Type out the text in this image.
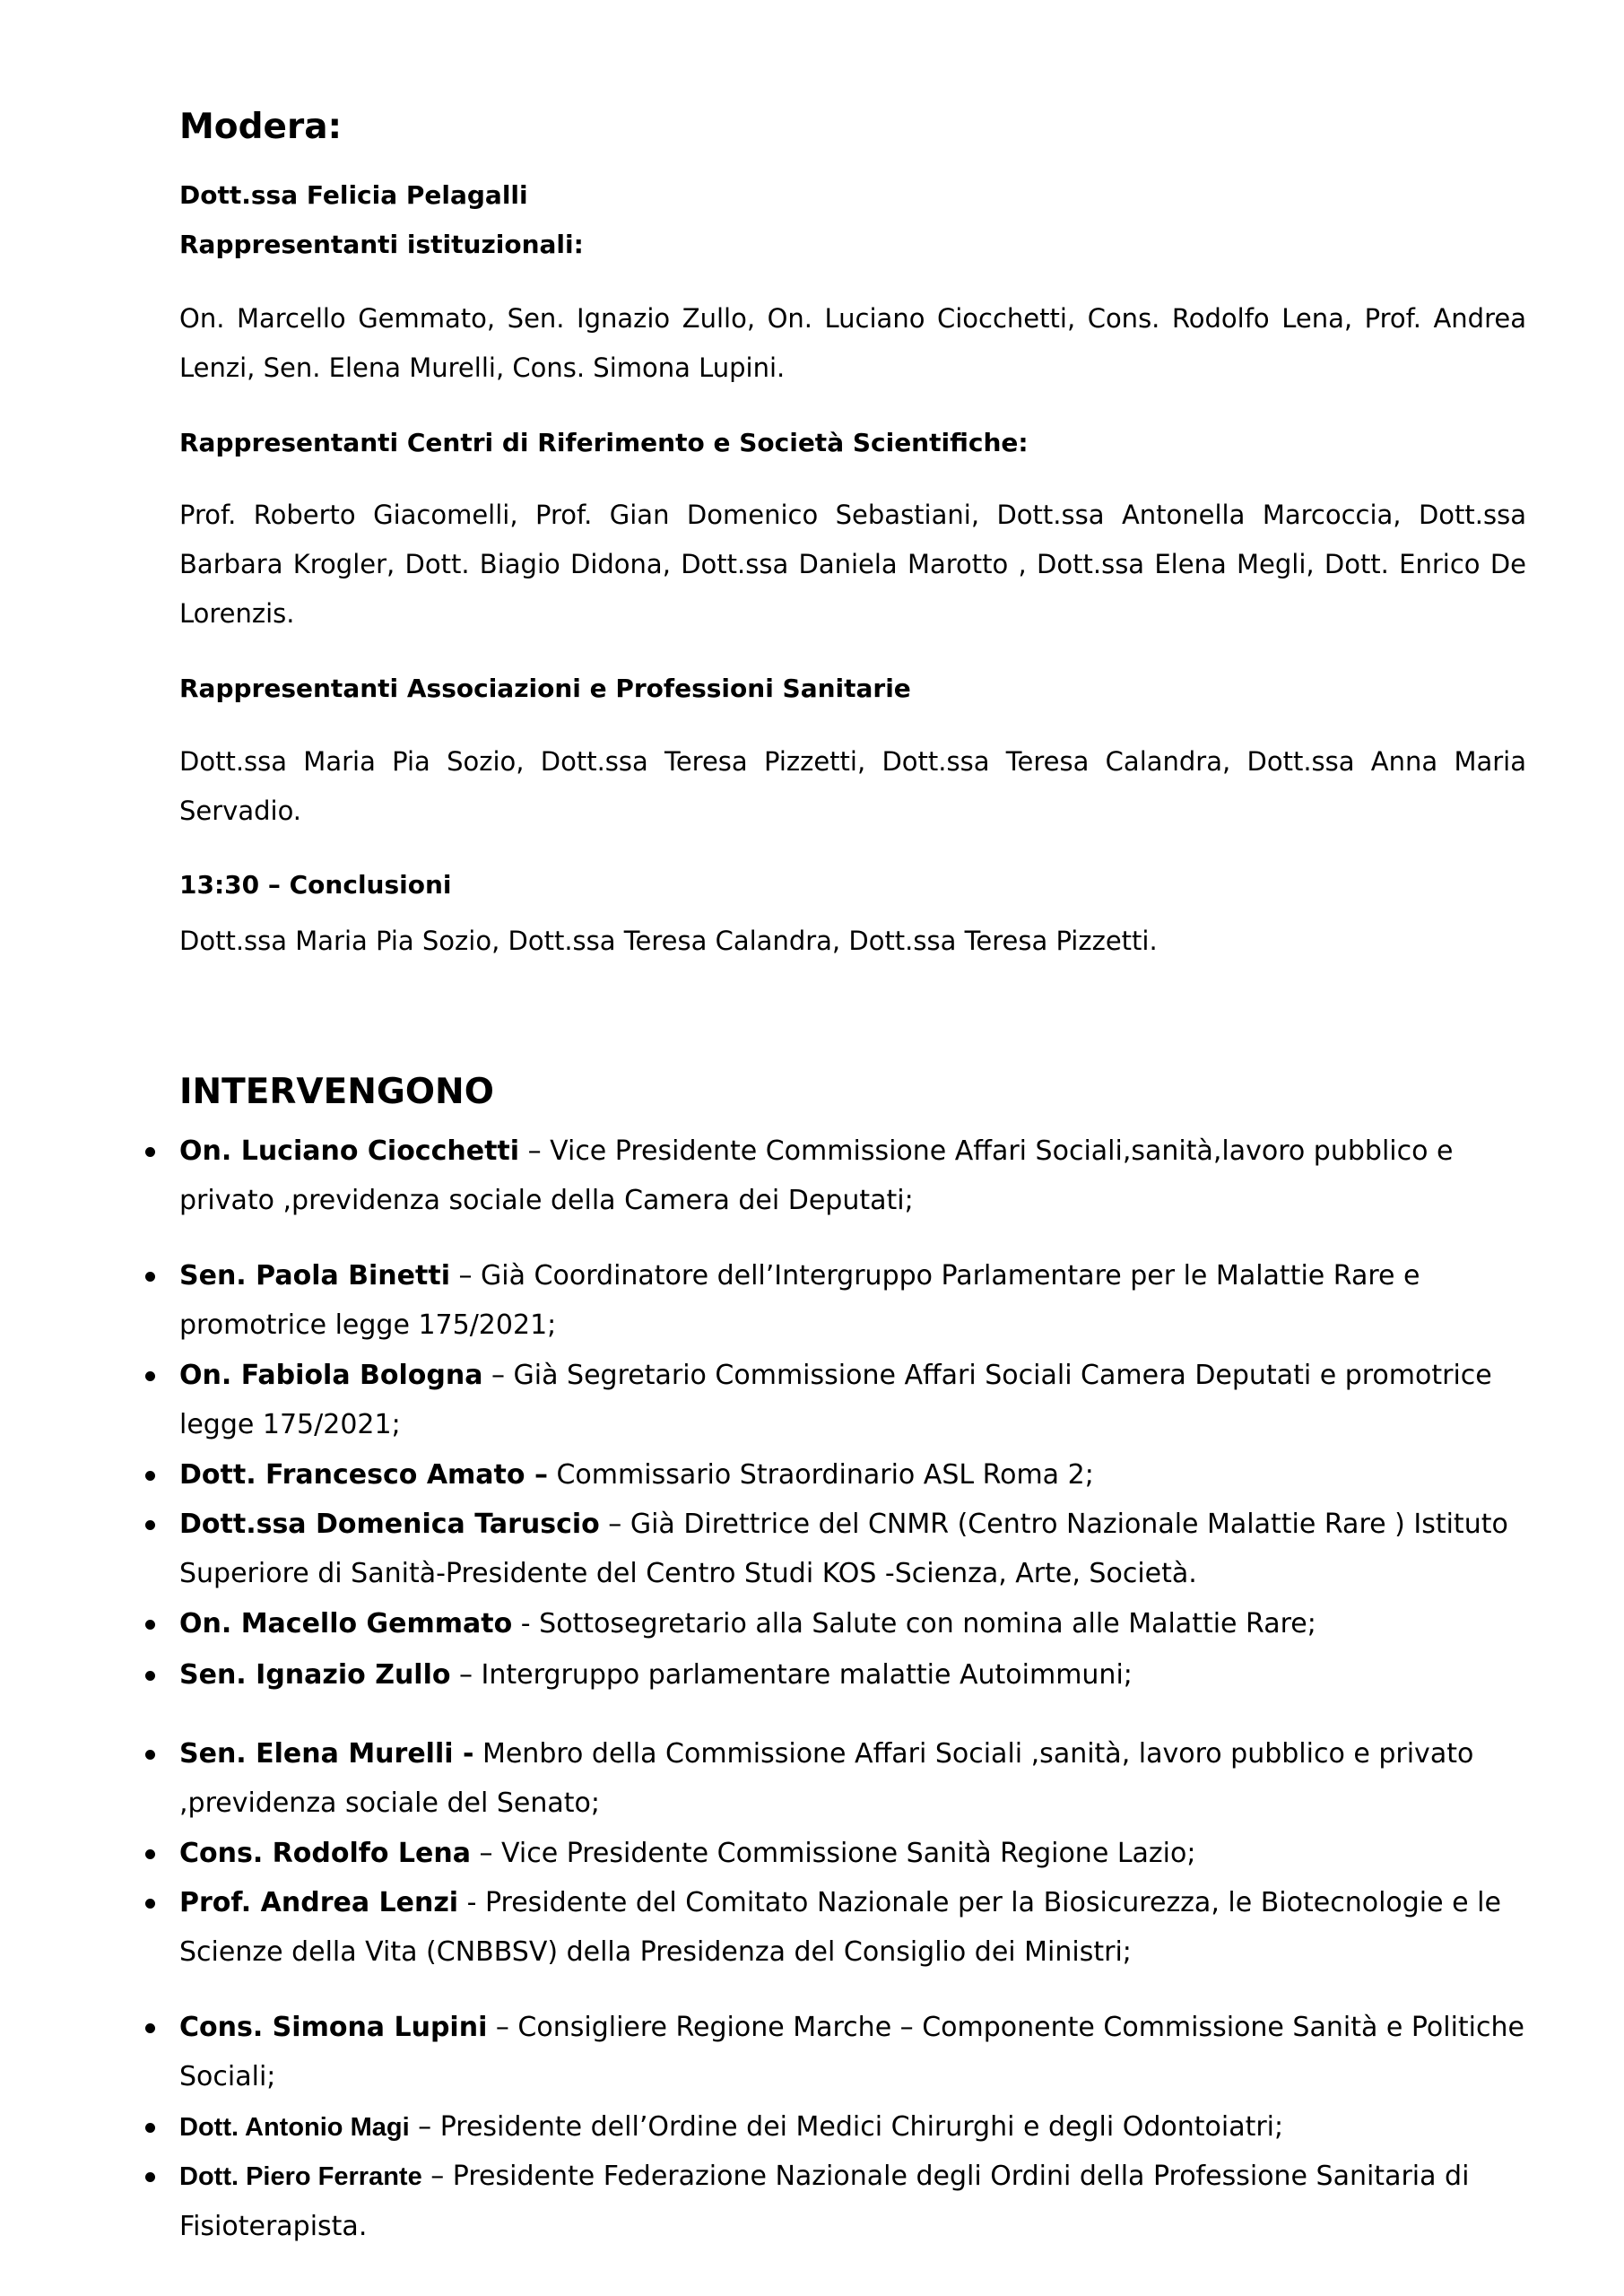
Modera:
Dott.ssa Felicia Pelagalli
Rappresentanti istituzionali:
On. Marcello Gemmato, Sen. Ignazio Zullo, On. Luciano Ciocchetti, Cons. Rodolfo Lena, Prof. Andrea Lenzi, Sen. Elena Murelli, Cons. Simona Lupini.
Rappresentanti Centri di Riferimento e Società Scientifiche:
Prof. Roberto Giacomelli, Prof. Gian Domenico Sebastiani, Dott.ssa Antonella Marcoccia, Dott.ssa Barbara Krogler, Dott. Biagio Didona, Dott.ssa Daniela Marotto , Dott.ssa Elena Megli, Dott. Enrico De Lorenzis.
Rappresentanti Associazioni e Professioni Sanitarie
Dott.ssa Maria Pia Sozio, Dott.ssa Teresa Pizzetti, Dott.ssa Teresa Calandra, Dott.ssa Anna Maria Servadio.
13:30 – Conclusioni
Dott.ssa Maria Pia Sozio, Dott.ssa Teresa Calandra, Dott.ssa Teresa Pizzetti.
INTERVENGONO
On. Luciano Ciocchetti – Vice Presidente Commissione Affari Sociali,sanità,lavoro pubblico e privato ,previdenza sociale della Camera dei Deputati;
Sen. Paola Binetti – Già Coordinatore dell’Intergruppo Parlamentare per le Malattie Rare e promotrice legge 175/2021;
On. Fabiola Bologna – Già Segretario Commissione Affari Sociali Camera Deputati e promotrice legge 175/2021;
Dott. Francesco Amato – Commissario Straordinario ASL Roma 2;
Dott.ssa Domenica Taruscio – Già Direttrice del CNMR (Centro Nazionale Malattie Rare ) Istituto Superiore di Sanità-Presidente del Centro Studi KOS -Scienza, Arte, Società.
On. Macello Gemmato - Sottosegretario alla Salute con nomina alle Malattie Rare;
Sen. Ignazio Zullo – Intergruppo parlamentare malattie Autoimmuni;
Sen. Elena Murelli - Menbro della Commissione Affari Sociali ,sanità, lavoro pubblico e privato ,previdenza sociale del Senato;
Cons. Rodolfo Lena – Vice Presidente Commissione Sanità Regione Lazio;
Prof. Andrea Lenzi - Presidente del Comitato Nazionale per la Biosicurezza, le Biotecnologie e le Scienze della Vita (CNBBSV) della Presidenza del Consiglio dei Ministri;
Cons. Simona Lupini – Consigliere Regione Marche – Componente Commissione Sanità e Politiche Sociali;
Dott. Antonio Magi – Presidente dell’Ordine dei Medici Chirurghi e degli Odontoiatri;
Dott. Piero Ferrante – Presidente Federazione Nazionale degli Ordini della Professione Sanitaria di Fisioterapista.
